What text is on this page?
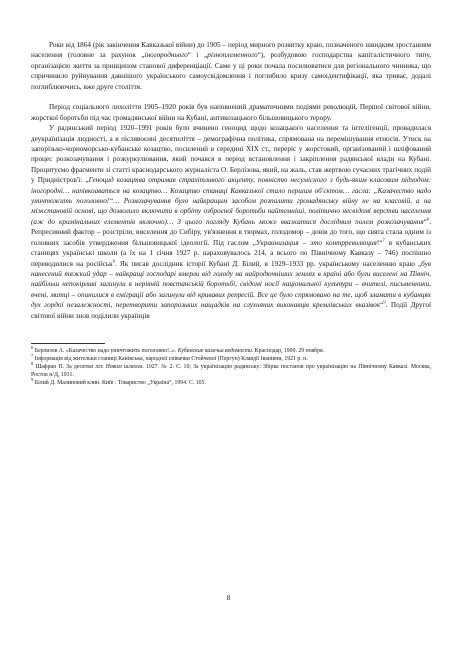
Роки від 1864 (рік закінчення Кавказької війни) до 1905 – період мирного розвитку краю, позначеного швидким зростанням населення (головне за рахунок „іногороднього“ і „різноплеменного“), розбудовою господарства капіталістичного типу, організацією життя за принципом станової диференціації. Саме у ці роки почала посилюватися для регіонального чинника, що спричинило руйнування давнішого українського самоусвідомлення і поглибило кризу самоідентифікації, яка триває, додалі поглиблюючись, вже друге століття.

Період соціального лихоліття 1905–1920 років був наповнений драматичними подіями революцій, Першої світової війни, жорсткої боротьби під час громадянської війни на Кубані, антикозацького більшовицького терору.

У радянський період 1920–1991 років було вчинено геноцид щодо козацького населення та інтелігенції, провадилася деукраїнізація людності, а в післявоєнні десятиліття – демографічна політика, спрямована на перемішування етносів. Утиск на запорізько-чорноморсько-кубанське козацтво, посилений в середині XIX ст., переріс у жорстокий, організований і шліфований процес розкозачування і розкуркулювання, який почався в період встановлення і закріплення радянської влади на Кубані. Процитуємо фрагменти зі статті краснодарського журналіста О. Берлізова, який, на жаль, став жертвою сучасних трагічних подій у Придністров'ї: „Геноцид козацтва отримав страхітливого акценту, повністю несумісного з будь-яким класовим підходом: іногородні… напівкоаваться на козацтво… Козацтво станиці Кавказької стало першим об'єктом… гасла: „Казачество надо уничтожить поголовно!“… Розкозачування було найкращим засобом розпалити громадянську війну не на класовій, а на міжстановій основі, що дозволило включити в орбіту озброєної боротьби найтемніші, політично несвідомі верстви населення (аж до кримінальних елементів включно)… З цього погляду Кубань може вважатися дослідним полем розкозачування“$^6$. Репресивний фактор – розстріли, виселення до Сибіру, ув'язнення в тюрмах, голодомор – довів до того, що свята стала одним із головних засобів утвердження більшовицької ідеології. Під гаслом „Украинизация – это контрреволюция!“$^7$ в кубанських станицях українські школи (а їх на 1 січня 1927 р. нараховувалось 214, а всього по Північному Кавказу – 746) поспішно переводилися на російськ$^8$. Як писав дослідник історії Кубані Д. Білий, в 1929–1933 рр. українському населенню краю „був нанесений тяжкий удар – найкращі господарі вмерли від голоду на найродючніших землях в країні або були виселені на Північ, найбільш непокірливі загинули в нерівній повстанській боротьбі, свідомі носії національної культури – вчителі, письменники, вчені, митці – опинилися в еміграції або загинули від кривавих репресій. Все це було спрямовано на те, щоб зламати в кубанцях дух гордої незалежності, перетворити запорозьких нащадків на слухняних виконавців кремлівських вказівок“$^9$. Події Другої світової війни знов поділили українців

$^6$ Берлизов А. «Казачество надо уничтожить поголовно!..». Кубанские казачьи ведомости. Краснодар, 1990. 29 ноября.

$^7$ Інформація від жительки станиці Канівська, народної співачки Стойчевої (Пергун) Клавдії Іванівни, 1921 р. н.

$^8$ Шафран П. За десятки літ. Новим шляхом. 1927. № 2. С. 10; За українізацію радянську: Збірка постанов про українізацію на Північному Кавказі. Москва, Ростов н/Д, 1931.

$^9$ Білий Д. Малиновий клин. Київ : Товариство „Україна“, 1994. С. 105.

8
